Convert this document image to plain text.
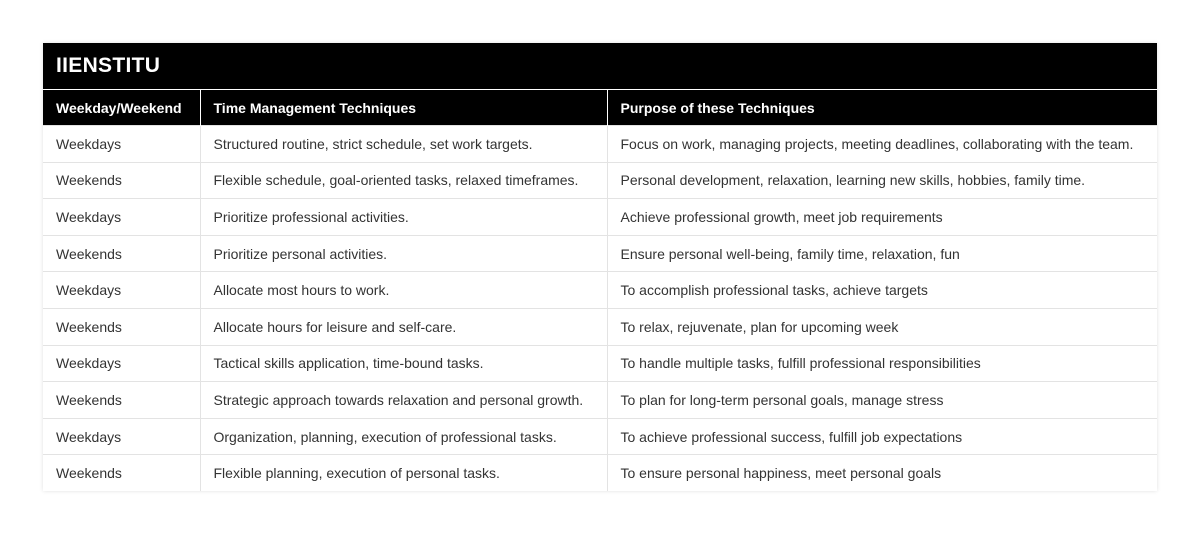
IIENSTITU
Weekday/Weekend	Time Management Techniques	Purpose of these Techniques
Weekdays	Structured routine, strict schedule, set work targets.	Focus on work, managing projects, meeting deadlines, collaborating with the team.
Weekends	Flexible schedule, goal-oriented tasks, relaxed timeframes.	Personal development, relaxation, learning new skills, hobbies, family time.
Weekdays	Prioritize professional activities.	Achieve professional growth, meet job requirements
Weekends	Prioritize personal activities.	Ensure personal well-being, family time, relaxation, fun
Weekdays	Allocate most hours to work.	To accomplish professional tasks, achieve targets
Weekends	Allocate hours for leisure and self-care.	To relax, rejuvenate, plan for upcoming week
Weekdays	Tactical skills application, time-bound tasks.	To handle multiple tasks, fulfill professional responsibilities
Weekends	Strategic approach towards relaxation and personal growth.	To plan for long-term personal goals, manage stress
Weekdays	Organization, planning, execution of professional tasks.	To achieve professional success, fulfill job expectations
Weekends	Flexible planning, execution of personal tasks.	To ensure personal happiness, meet personal goals
